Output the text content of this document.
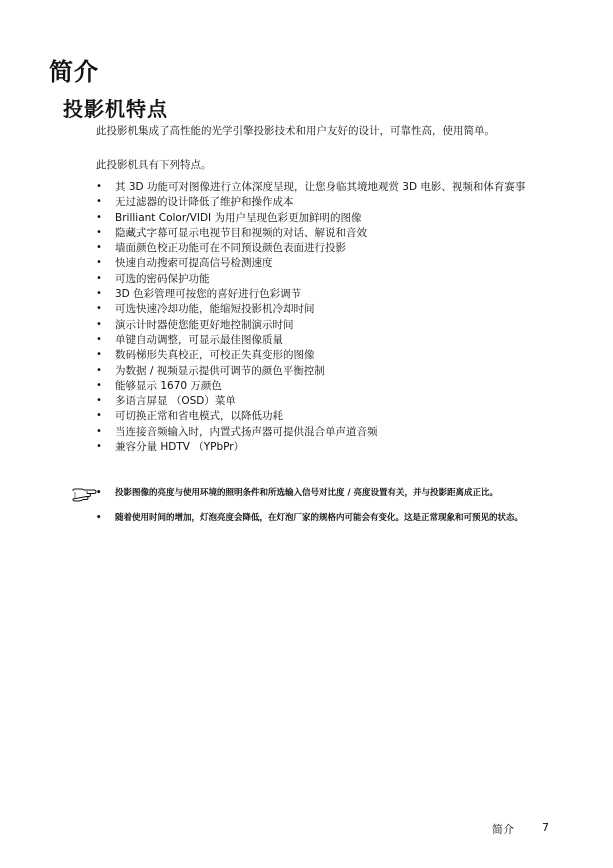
简介
投影机特点

此投影机集成了高性能的光学引擎投影技术和用户友好的设计，可靠性高，使用简单。

此投影机具有下列特点。

• 其 3D 功能可对图像进行立体深度呈现，让您身临其境地观赏 3D 电影、视频和体育赛事
• 无过滤器的设计降低了维护和操作成本
• Brilliant Color/VIDI 为用户呈现色彩更加鲜明的图像
• 隐藏式字幕可显示电视节目和视频的对话、解说和音效
• 墙面颜色校正功能可在不同预设颜色表面进行投影
• 快速自动搜索可提高信号检测速度
• 可选的密码保护功能
• 3D 色彩管理可按您的喜好进行色彩调节
• 可选快速冷却功能，能缩短投影机冷却时间
• 演示计时器使您能更好地控制演示时间
• 单键自动调整，可显示最佳图像质量
• 数码梯形失真校正，可校正失真变形的图像
• 为数据 / 视频显示提供可调节的颜色平衡控制
• 能够显示 1670 万颜色
• 多语言屏显 （OSD）菜单
• 可切换正常和省电模式，以降低功耗
• 当连接音频输入时，内置式扬声器可提供混合单声道音频
• 兼容分量 HDTV （YPbPr）
• 投影图像的亮度与使用环境的照明条件和所选输入信号对比度 / 亮度设置有关，并与投影距离成正比。
• 随着使用时间的增加，灯泡亮度会降低，在灯泡厂家的规格内可能会有变化。这是正常现象和可预见的状态。
简介	7
